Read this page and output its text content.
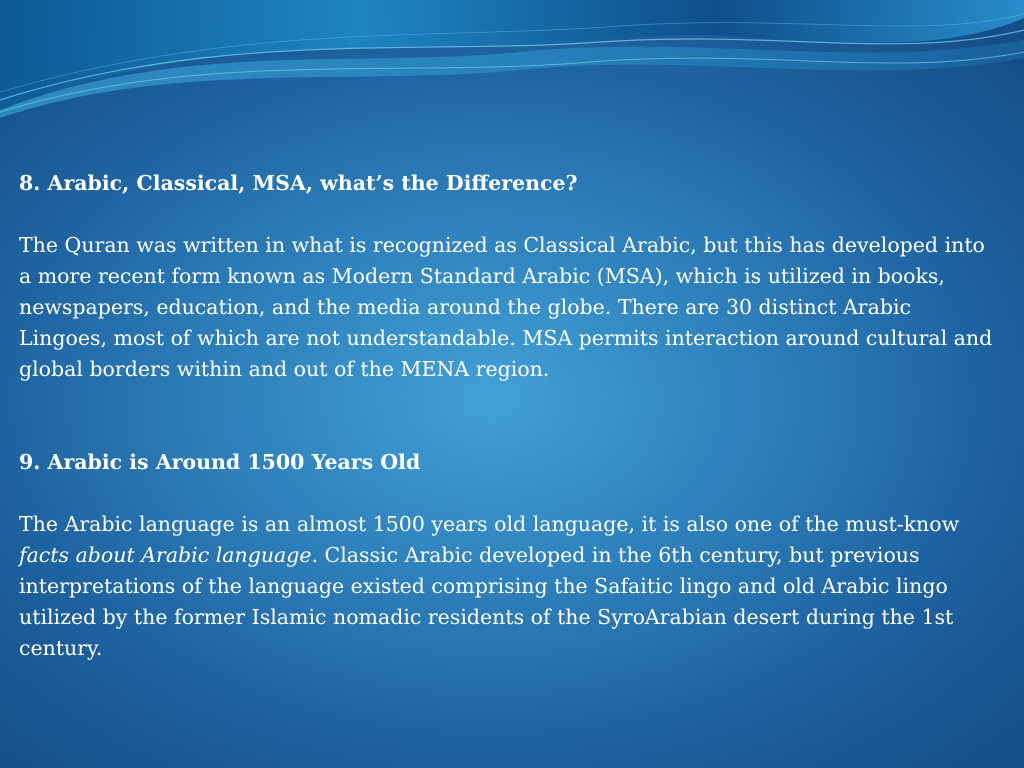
8. Arabic, Classical, MSA, what’s the Difference?

The Quran was written in what is recognized as Classical Arabic, but this has developed into a more recent form known as Modern Standard Arabic (MSA), which is utilized in books, newspapers, education, and the media around the globe. There are 30 distinct Arabic Lingoes, most of which are not understandable. MSA permits interaction around cultural and global borders within and out of the MENA region.

9. Arabic is Around 1500 Years Old

The Arabic language is an almost 1500 years old language, it is also one of the must-know facts about Arabic language. Classic Arabic developed in the 6th century, but previous interpretations of the language existed comprising the Safaitic lingo and old Arabic lingo utilized by the former Islamic nomadic residents of the SyroArabian desert during the 1st century.
